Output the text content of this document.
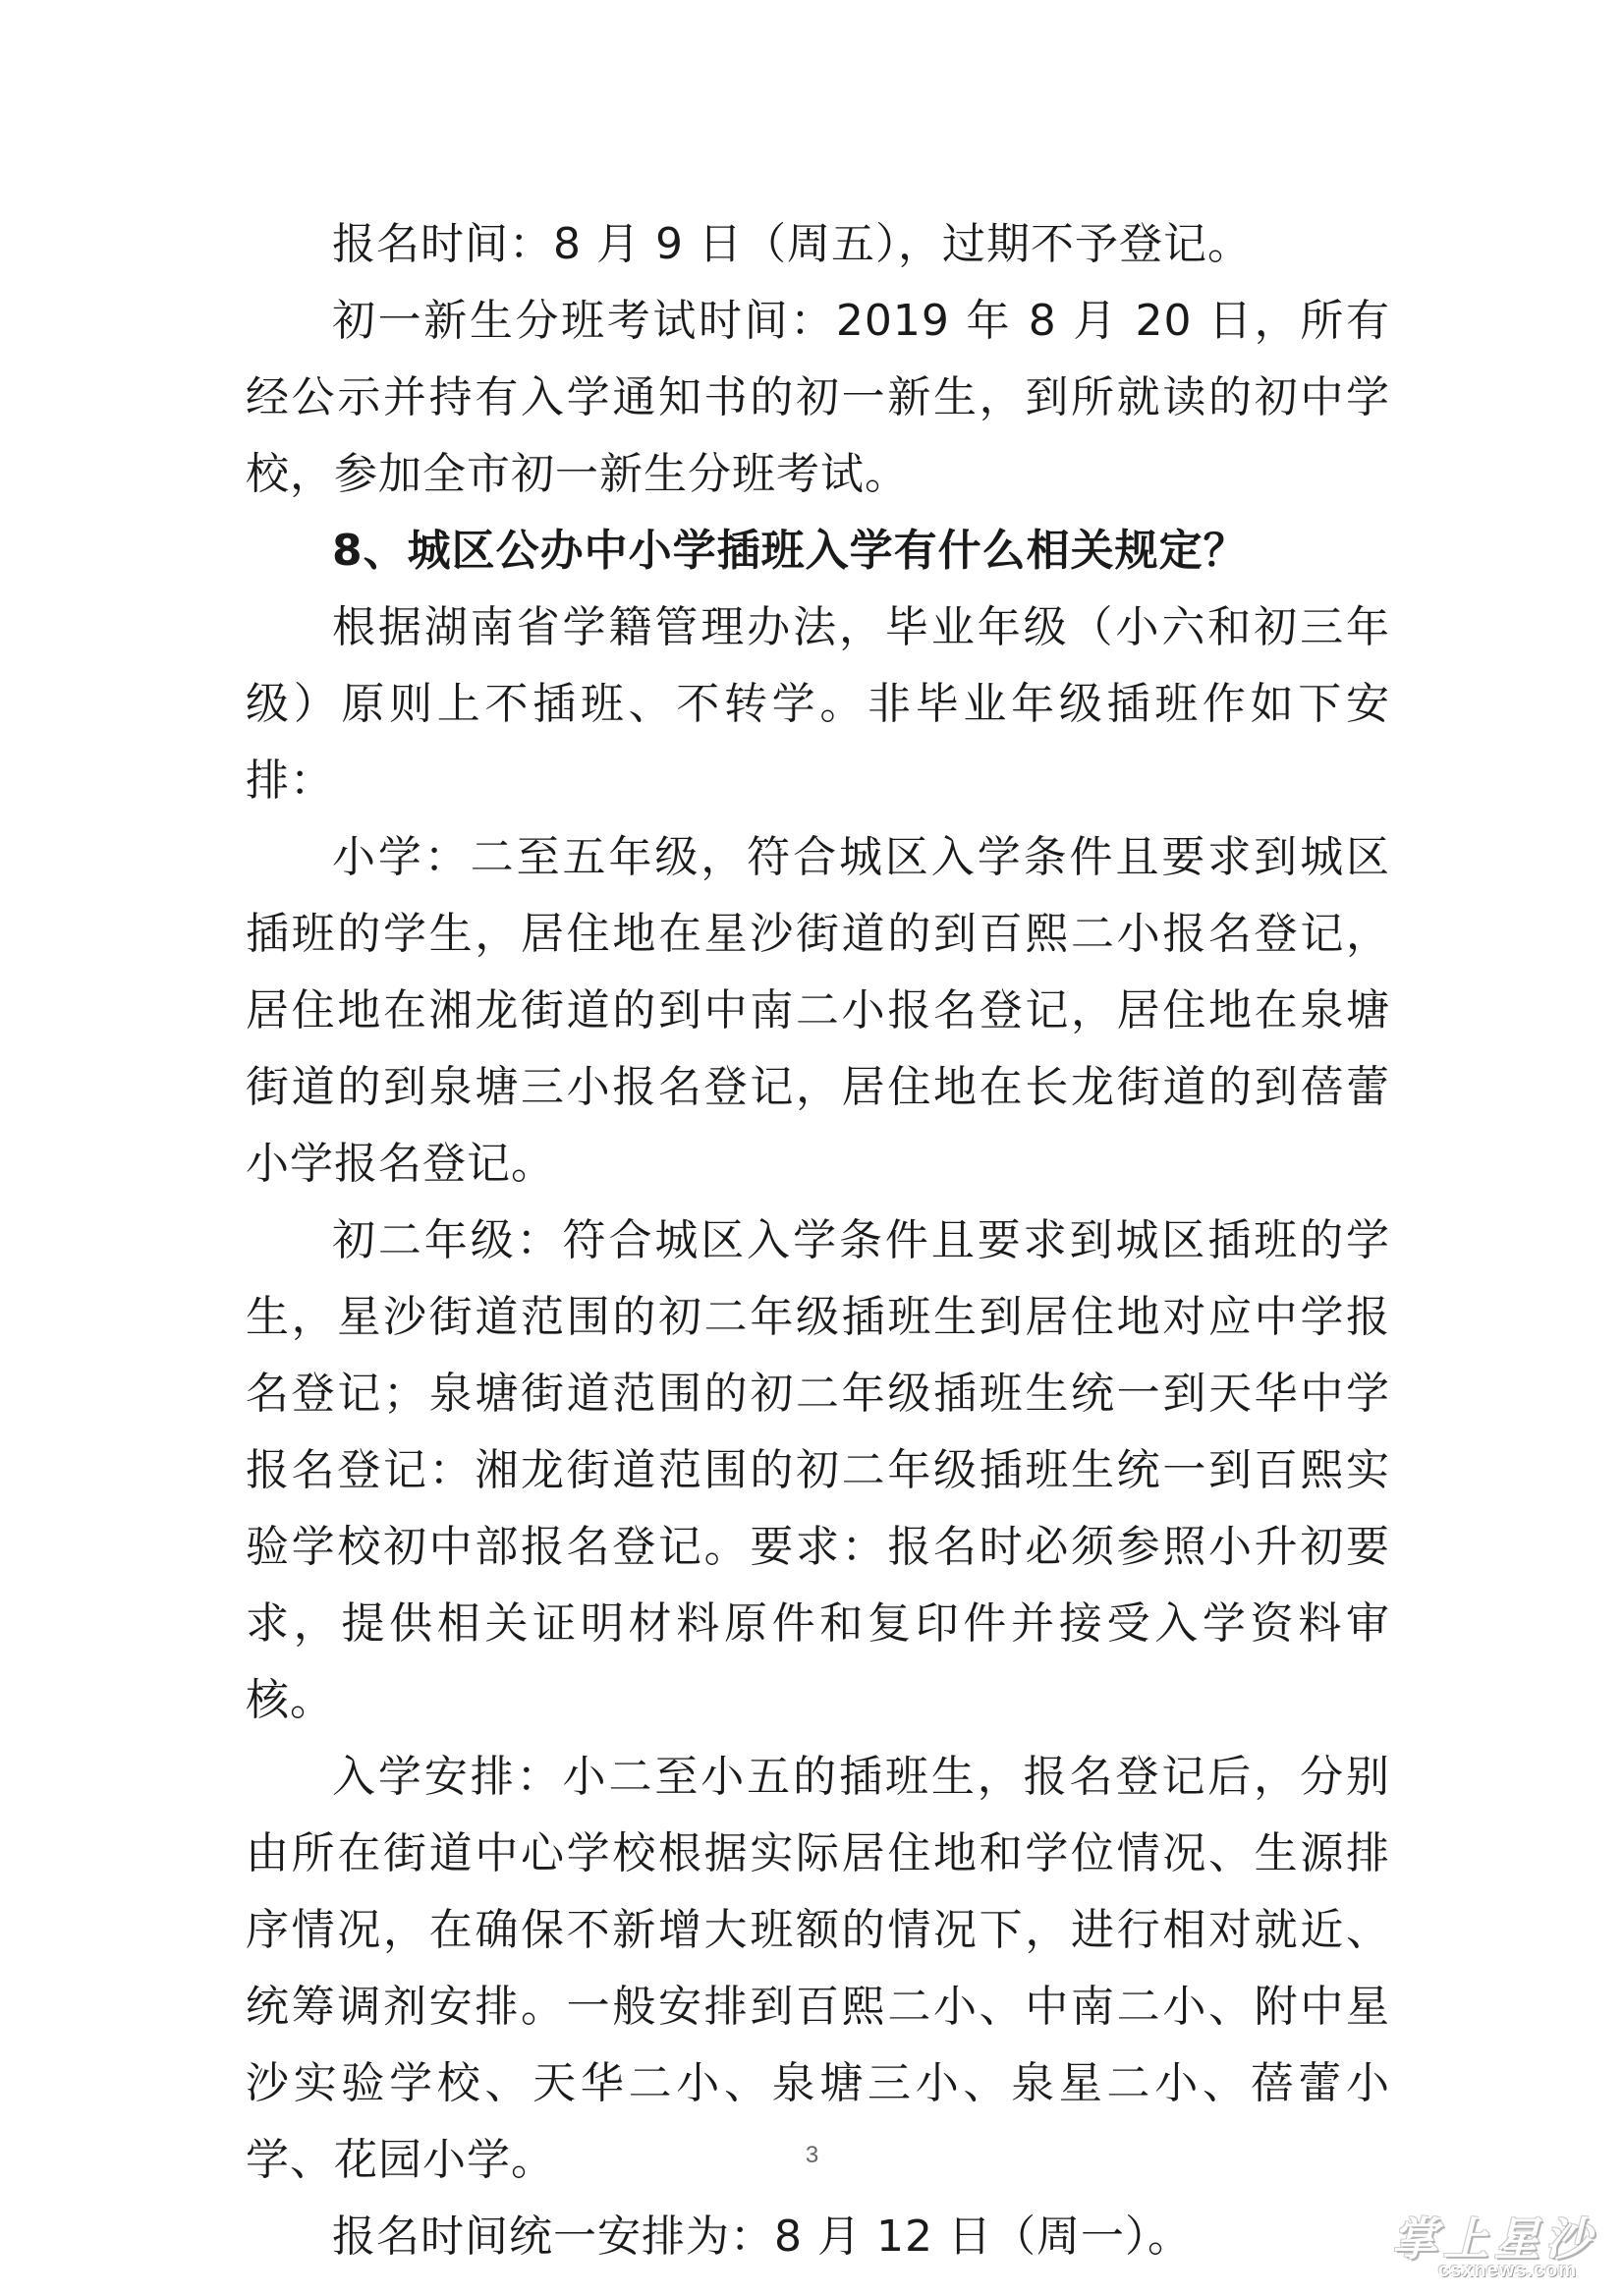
报名时间：8 月 9 日（周五），过期不予登记。

初一新生分班考试时间：2019 年 8 月 20 日，所有经公示并持有入学通知书的初一新生，到所就读的初中学校，参加全市初一新生分班考试。

8、城区公办中小学插班入学有什么相关规定？

根据湖南省学籍管理办法，毕业年级（小六和初三年级）原则上不插班、不转学。非毕业年级插班作如下安排：

小学：二至五年级，符合城区入学条件且要求到城区插班的学生，居住地在星沙街道的到百熙二小报名登记，居住地在湘龙街道的到中南二小报名登记，居住地在泉塘街道的到泉塘三小报名登记，居住地在长龙街道的到蓓蕾小学报名登记。

初二年级：符合城区入学条件且要求到城区插班的学生，星沙街道范围的初二年级插班生到居住地对应中学报名登记；泉塘街道范围的初二年级插班生统一到天华中学报名登记：湘龙街道范围的初二年级插班生统一到百熙实验学校初中部报名登记。要求：报名时必须参照小升初要求，提供相关证明材料原件和复印件并接受入学资料审核。

入学安排：小二至小五的插班生，报名登记后，分别由所在街道中心学校根据实际居住地和学位情况、生源排序情况，在确保不新增大班额的情况下，进行相对就近、统筹调剂安排。一般安排到百熙二小、中南二小、附中星沙实验学校、天华二小、泉塘三小、泉星二小、蓓蕾小学、花园小学。

报名时间统一安排为：8 月 12 日（周一）。

3
掌上星沙
csxnews.com
